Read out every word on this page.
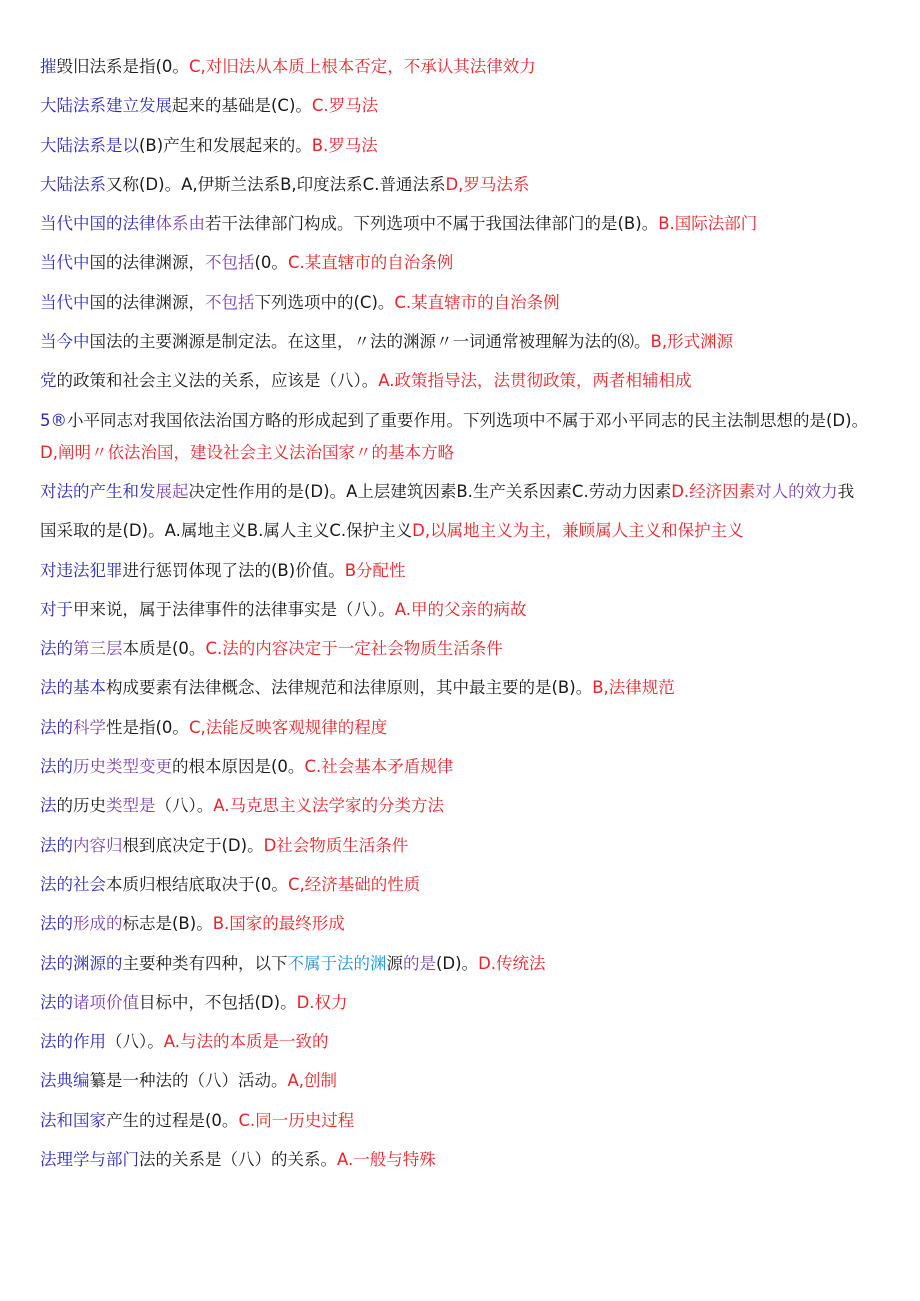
摧毁旧法系是指(0。C,对旧法从本质上根本否定，不承认其法律效力
大陆法系建立发展起来的基础是(C)。C.罗马法
大陆法系是以(B)产生和发展起来的。B.罗马法
大陆法系又称(D)。A,伊斯兰法系B,印度法系C.普通法系D,罗马法系
当代中国的法律体系由若干法律部门构成。下列选项中不属于我国法律部门的是(B)。B.国际法部门
当代中国的法律渊源，不包括(0。C.某直辖市的自治条例
当代中国的法律渊源，不包括下列选项中的(C)。C.某直辖市的自治条例
当今中国法的主要渊源是制定法。在这里，〃法的渊源〃一词通常被理解为法的⑻。B,形式渊源
党的政策和社会主义法的关系，应该是（八）。A.政策指导法，法贯彻政策，两者相辅相成
5®小平同志对我国依法治国方略的形成起到了重要作用。下列选项中不属于邓小平同志的民主法制思想的是(D)。
D,阐明〃依法治国，建设社会主义法治国家〃的基本方略
对法的产生和发展起决定性作用的是(D)。A上层建筑因素B.生产关系因素C.劳动力因素D.经济因素对人的效力我
国采取的是(D)。A.属地主义B.属人主义C.保护主义D,以属地主义为主，兼顾属人主义和保护主义
对违法犯罪进行惩罚体现了法的(B)价值。B分配性
对于甲来说，属于法律事件的法律事实是（八）。A.甲的父亲的病故
法的第三层本质是(0。C.法的内容决定于一定社会物质生活条件
法的基本构成要素有法律概念、法律规范和法律原则，其中最主要的是(B)。B,法律规范
法的科学性是指(0。C,法能反映客观规律的程度
法的历史类型变更的根本原因是(0。C.社会基本矛盾规律
法的历史类型是（八）。A.马克思主义法学家的分类方法
法的内容归根到底决定于(D)。D社会物质生活条件
法的社会本质归根结底取决于(0。C,经济基础的性质
法的形成的标志是(B)。B.国家的最终形成
法的渊源的主要种类有四种，以下不属于法的渊源的是(D)。D.传统法
法的诸项价值目标中，不包括(D)。D.权力
法的作用（八）。A.与法的本质是一致的
法典编纂是一种法的（八）活动。A,创制
法和国家产生的过程是(0。C.同一历史过程
法理学与部门法的关系是（八）的关系。A.一般与特殊
